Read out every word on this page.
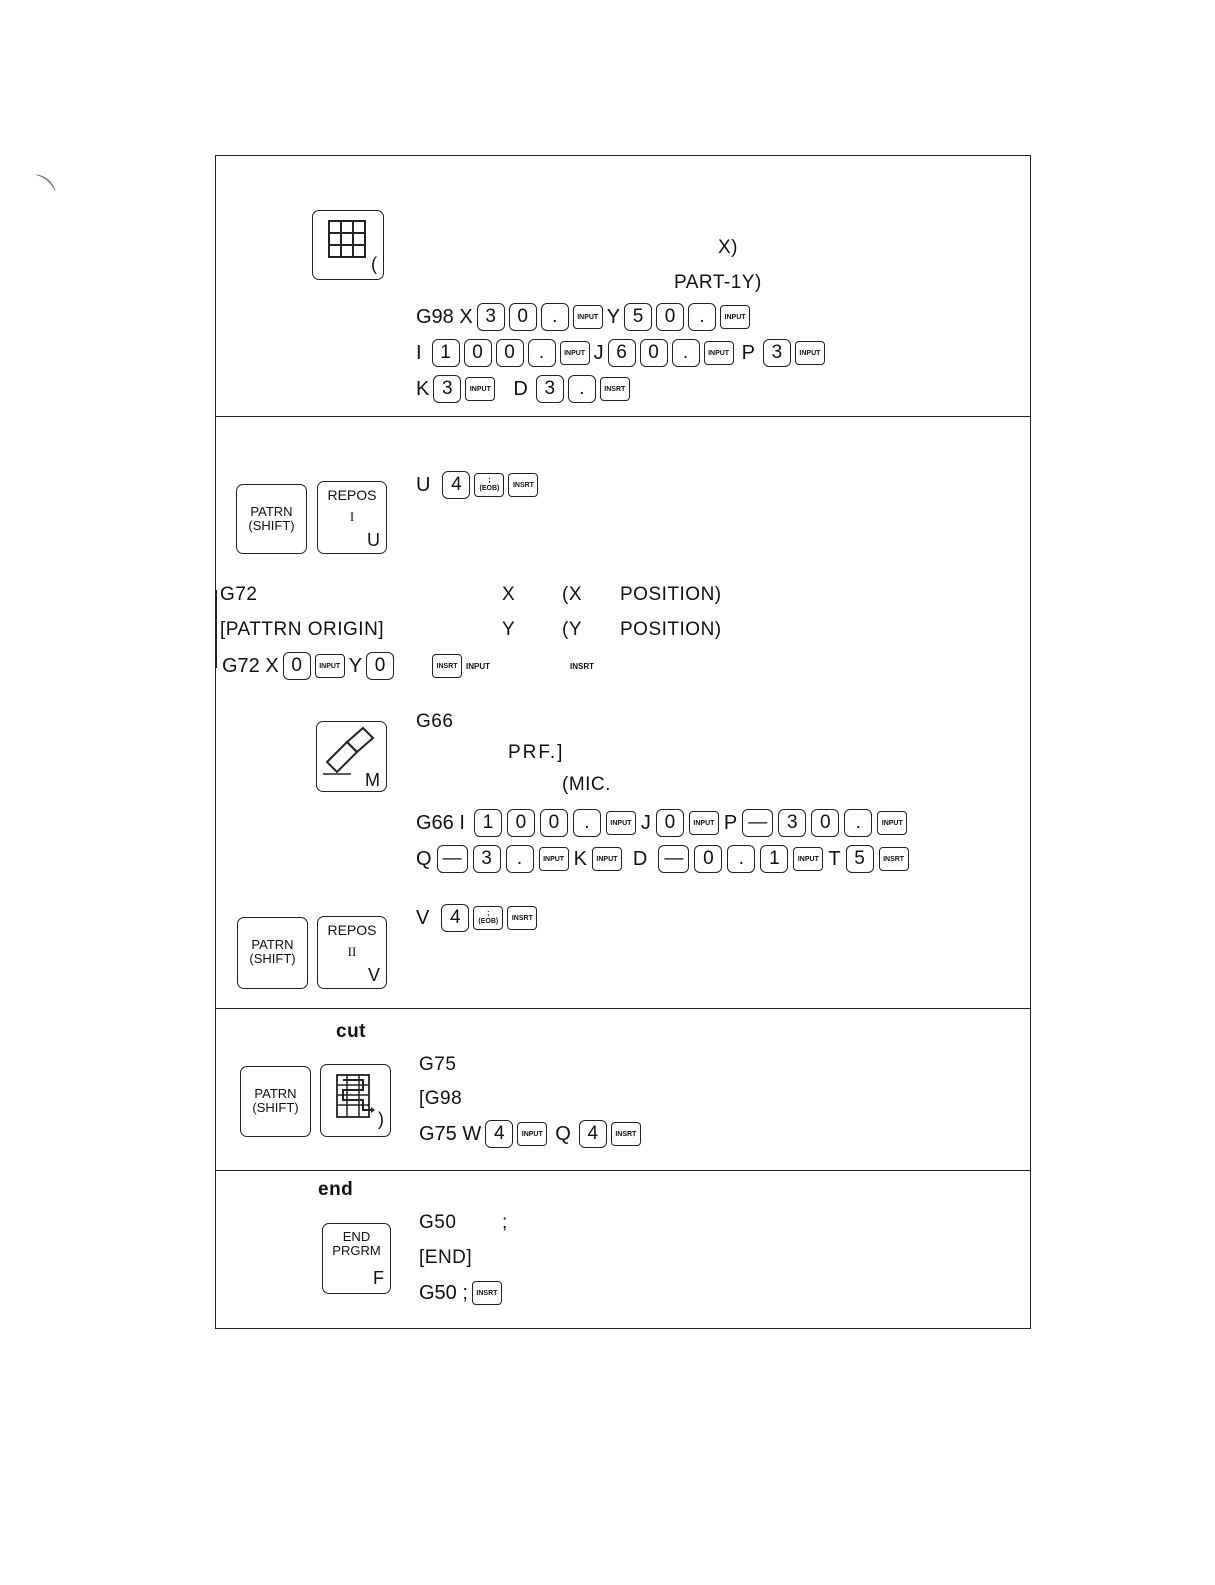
⌒
(
X)
PART-1Y)
G98 X 3	0	.	INPUT Y 5	0	.	INPUT
I 1	0	0	.	INPUT J 6	0	.	INPUT P 3	INPUT
K 3	INPUT D 3	.	INSRT
PATRN
(SHIFT)
REPOS
I
U
U	4	;
(EOB)	INSRT
G72
[PATTRN ORIGIN]
X (X POSITION)
Y (Y POSITION)
G72 X 0	INPUT Y 0	INSRT	INPUT	INSRT
M
G66
PRF.]
(MIC.
G66 I 1	0	0	.	INPUT J 0	INPUT P —	3	0	.	INPUT
Q —	3	.	INPUT K	INPUT D —	0	.	1	INPUT T 5	INSRT
PATRN
(SHIFT)
REPOS
II
V
V	4	;
(EOB)	INSRT
cut
PATRN
(SHIFT)
)
G75
[G98
G75 W 4	INPUT Q 4	INSRT
end
END
PRGRM
F
G50 ;
[END]
G50 ;	INSRT
